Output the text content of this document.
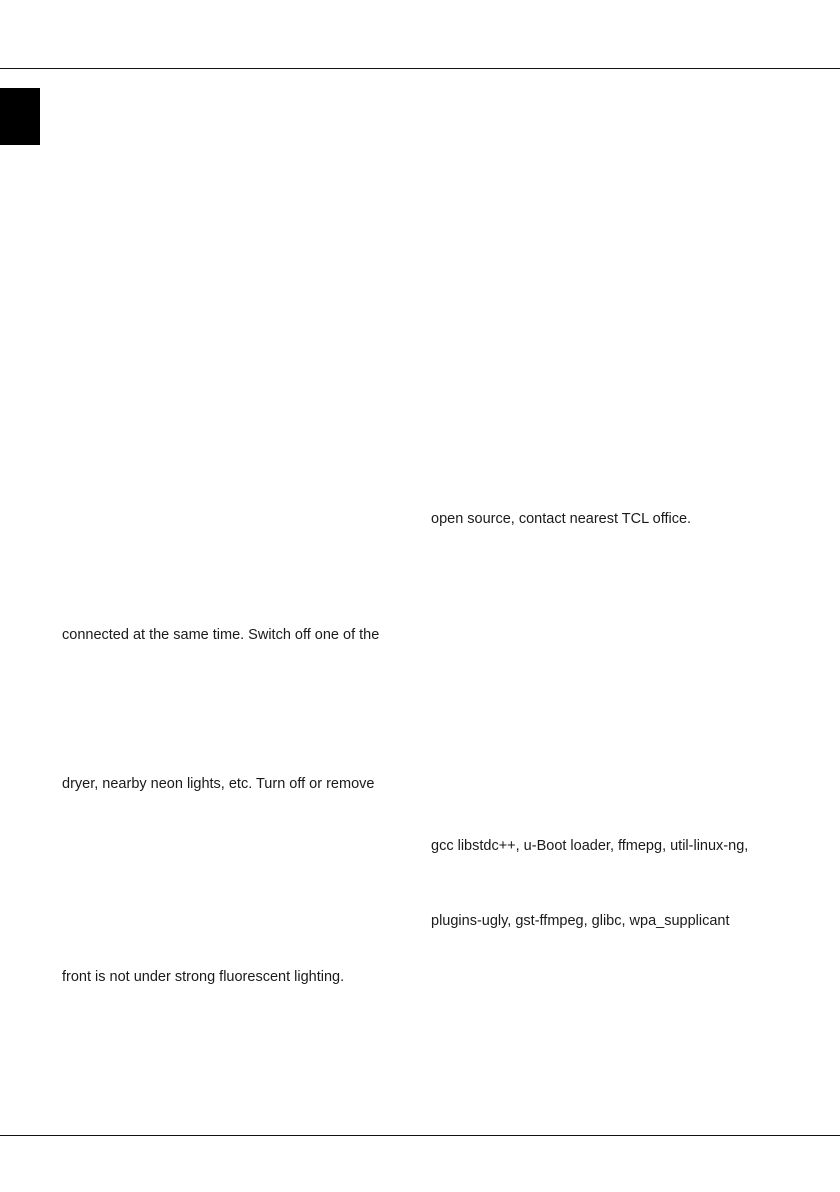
open source, contact nearest TCL office.
connected at the same time. Switch off one of the
dryer, nearby neon lights, etc. Turn off or remove
gcc libstdc++, u-Boot loader, ffmepg, util-linux-ng,
plugins-ugly, gst-ffmpeg, glibc, wpa_supplicant
front is not under strong fluorescent lighting.
